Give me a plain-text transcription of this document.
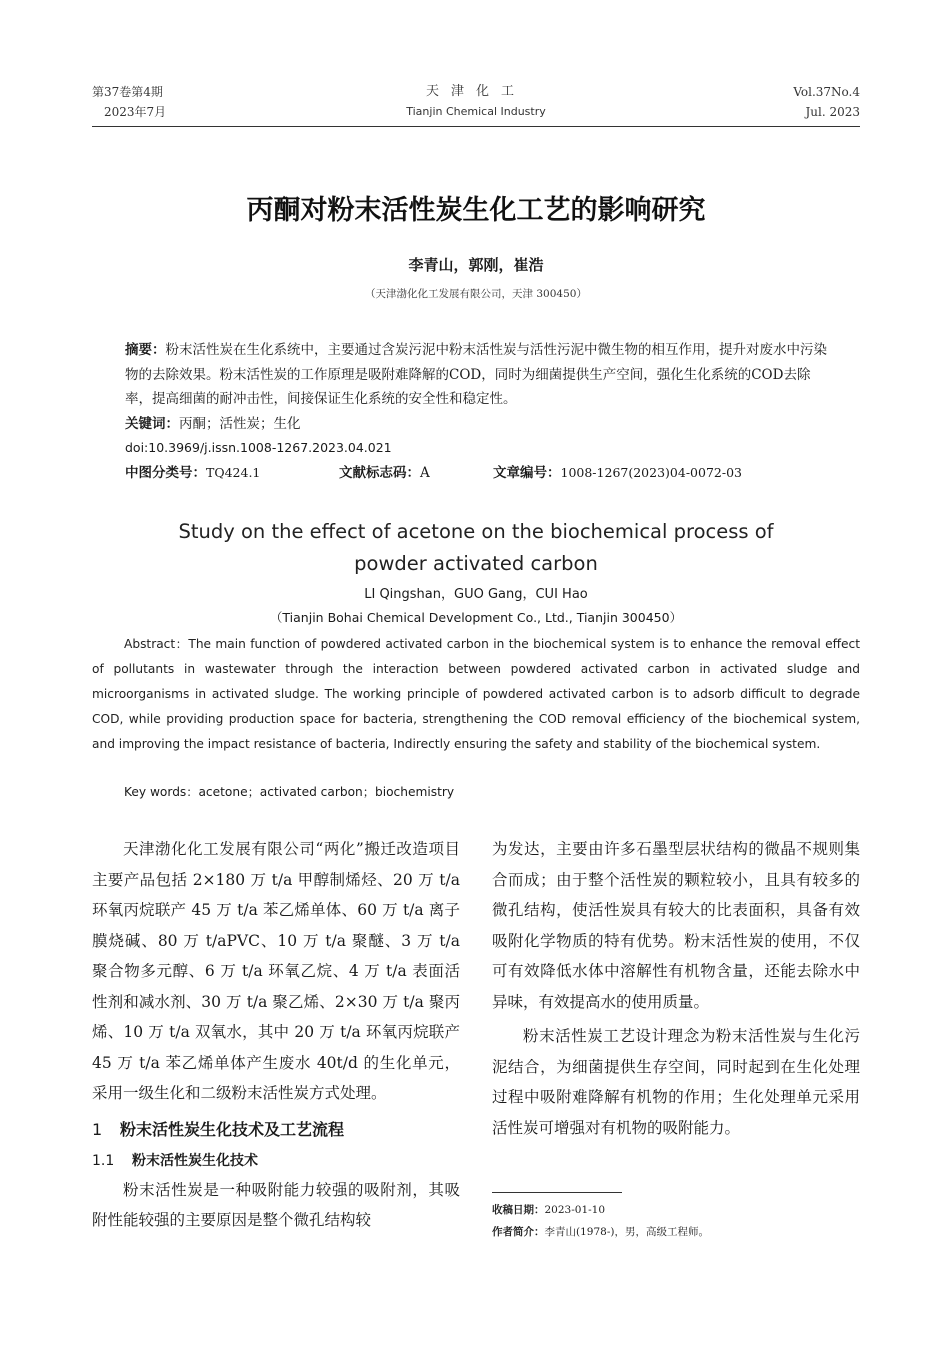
第37卷第4期
2023年7月
天津化工
Tianjin Chemical Industry
Vol.37No.4
Jul. 2023
丙酮对粉末活性炭生化工艺的影响研究
李青山，郭刚，崔浩
（天津渤化化工发展有限公司，天津 300450）

摘要：粉末活性炭在生化系统中，主要通过含炭污泥中粉末活性炭与活性污泥中微生物的相互作用，提升对废水中污染物的去除效果。粉末活性炭的工作原理是吸附难降解的COD，同时为细菌提供生产空间，强化生化系统的COD去除率，提高细菌的耐冲击性，间接保证生化系统的安全性和稳定性。

关键词：丙酮；活性炭；生化

doi:10.3969/j.issn.1008-1267.2023.04.021

中图分类号：TQ424.1	文献标志码：A	文章编号：1008-1267(2023)04-0072-03
Study on the effect of acetone on the biochemical process of
powder activated carbon
LI Qingshan，GUO Gang，CUI Hao
（Tianjin Bohai Chemical Development Co., Ltd., Tianjin 300450）

Abstract：The main function of powdered activated carbon in the biochemical system is to enhance the removal effect of pollutants in wastewater through the interaction between powdered activated carbon in activated sludge and microorganisms in activated sludge. The working principle of powdered activated carbon is to adsorb difficult to degrade COD, while providing production space for bacteria, strengthening the COD removal efficiency of the biochemical system, and improving the impact resistance of bacteria, Indirectly ensuring the safety and stability of the biochemical system.

Key words：acetone；activated carbon；biochemistry

天津渤化化工发展有限公司“两化”搬迁改造项目主要产品包括 2×180 万 t/a 甲醇制烯烃、20 万 t/a 环氧丙烷联产 45 万 t/a 苯乙烯单体、60 万 t/a 离子膜烧碱、80 万 t/aPVC、10 万 t/a 聚醚、3 万 t/a 聚合物多元醇、6 万 t/a 环氧乙烷、4 万 t/a 表面活性剂和减水剂、30 万 t/a 聚乙烯、2×30 万 t/a 聚丙烯、10 万 t/a 双氧水，其中 20 万 t/a 环氧丙烷联产 45 万 t/a 苯乙烯单体产生废水 40t/d 的生化单元，采用一级生化和二级粉末活性炭方式处理。

1 粉末活性炭生化技术及工艺流程
1.1 粉末活性炭生化技术

粉末活性炭是一种吸附能力较强的吸附剂，其吸附性能较强的主要原因是整个微孔结构较

为发达，主要由许多石墨型层状结构的微晶不规则集合而成；由于整个活性炭的颗粒较小，且具有较多的微孔结构，使活性炭具有较大的比表面积，具备有效吸附化学物质的特有优势。粉末活性炭的使用，不仅可有效降低水体中溶解性有机物含量，还能去除水中异味，有效提高水的使用质量。

粉末活性炭工艺设计理念为粉末活性炭与生化污泥结合，为细菌提供生存空间，同时起到在生化处理过程中吸附难降解有机物的作用；生化处理单元采用活性炭可增强对有机物的吸附能力。

收稿日期：2023-01-10
作者简介：李青山(1978-)，男，高级工程师。
